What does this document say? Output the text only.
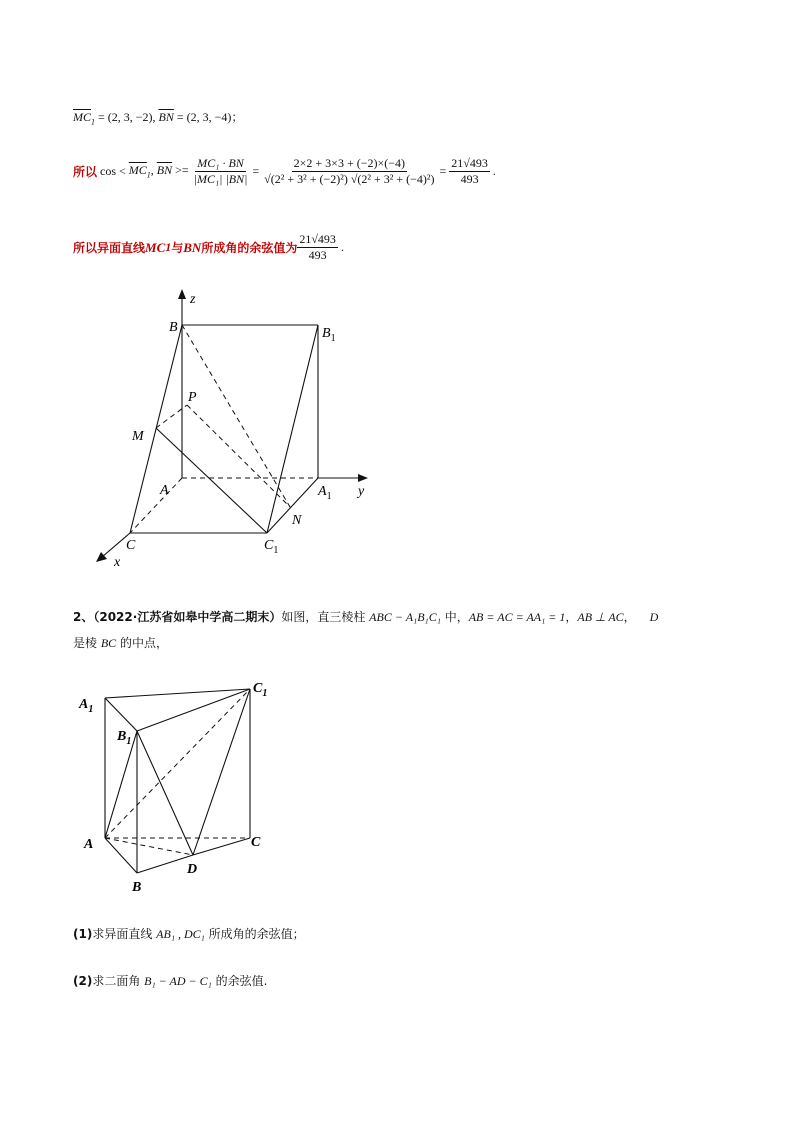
$\overline{MC}_1 = (2$, 3, −2), $\overline{BN} = (2$, 3, −4)；
所以 $\cos < \overline{MC}_1$, $\overline{BN} >= \frac{\text{MC₁ · BN}}{\text{|MC₁| |BN|}} = \frac{2\times 2 + 3\times 3 + (-2)\times(-4)}{\text{√(2² + 3² + (−2)²) √(2² + 3² + (−4)²)}} = \frac{21√493}{493}$ .
所以异面直线 MC 1 与 BN 所成角的余弦值为 $\frac{21√493}{493}$ .
z
B	$B_1$
P
M
A	$A_1$ y
N
C	$C_1$
x
2、（2022·江苏省如皋中学高二期末）如图，直三棱柱 ABC − A₁B₁C₁ 中，AB = AC = AA₁ = 1，AB ⊥ AC， D
是棱 BC 的中点，
$A_1$
$C_1$
$B_1$
A	C
D
B
(1)求异面直线 AB₁ , DC₁ 所成角的余弦值；
(2)求二面角 B₁ − AD − C₁ 的余弦值.
